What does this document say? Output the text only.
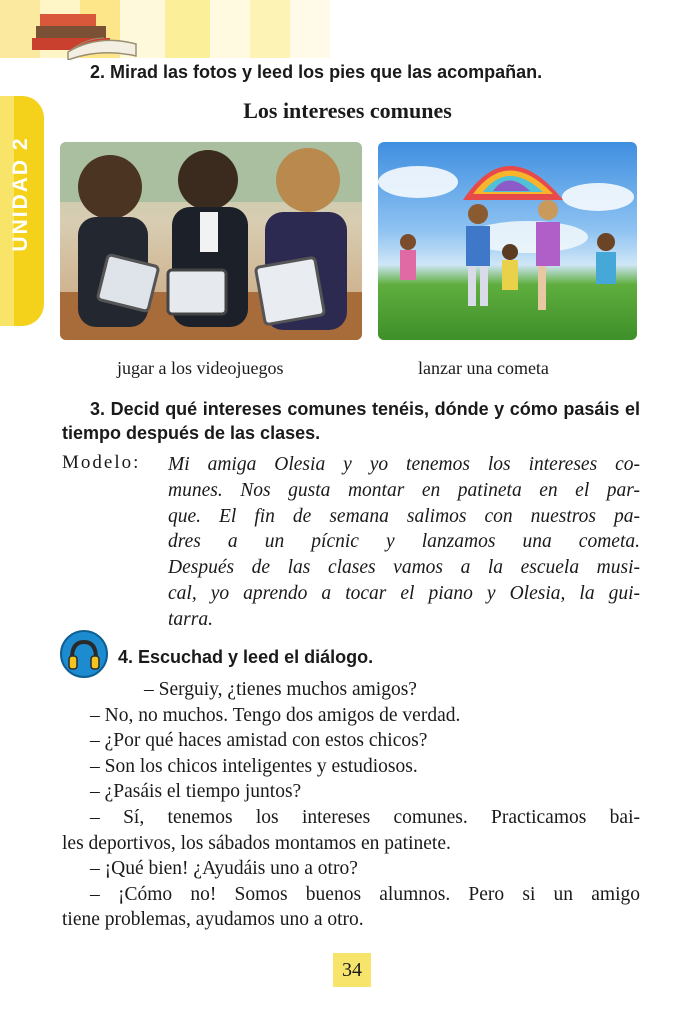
UNIDAD 2
2. Mirad las fotos y leed los pies que las acompañan.
Los intereses comunes
jugar a los videojuegos	lanzar una cometa
3. Decid qué intereses comunes tenéis, dónde y cómo pasáis el tiempo después de las clases.
Modelo: Mi amiga Olesia y yo tenemos los intereses co-
munes. Nos gusta montar en patineta en el par-
que. El fin de semana salimos con nuestros pa-
dres a un pícnic y lanzamos una cometa.
Después de las clases vamos a la escuela musi-
cal, yo aprendo a tocar el piano y Olesia, la gui-
tarra.
4. Escuchad y leed el diálogo.
– Serguiy, ¿tienes muchos amigos?
– No, no muchos. Tengo dos amigos de verdad.
– ¿Por qué haces amistad con estos chicos?
– Son los chicos inteligentes y estudiosos.
– ¿Pasáis el tiempo juntos?
– Sí, tenemos los intereses comunes. Practicamos bai-
les deportivos, los sábados montamos en patinete.
– ¡Qué bien! ¿Ayudáis uno a otro?
– ¡Cómo no! Somos buenos alumnos. Pero si un amigo
tiene problemas, ayudamos uno a otro.
34
